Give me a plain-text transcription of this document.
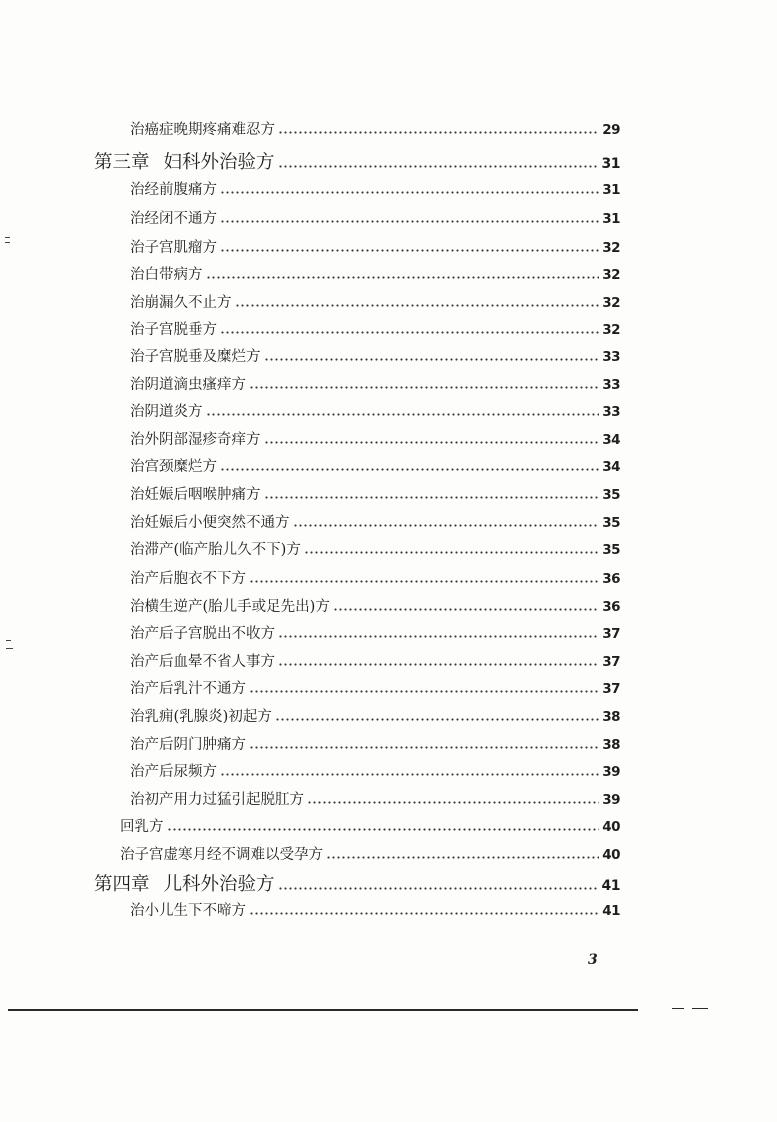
治癌症晚期疼痛难忍方	29
第三章 妇科外治验方	31
治经前腹痛方	31
治经闭不通方	31
治子宫肌瘤方	32
治白带病方	32
治崩漏久不止方	32
治子宫脱垂方	32
治子宫脱垂及糜烂方	33
治阴道滴虫瘙痒方	33
治阴道炎方	33
治外阴部湿疹奇痒方	34
治宫颈糜烂方	34
治妊娠后咽喉肿痛方	35
治妊娠后小便突然不通方	35
治滞产(临产胎儿久不下)方	35
治产后胞衣不下方	36
治横生逆产(胎儿手或足先出)方	36
治产后子宫脱出不收方	37
治产后血晕不省人事方	37
治产后乳汁不通方	37
治乳痈(乳腺炎)初起方	38
治产后阴门肿痛方	38
治产后尿频方	39
治初产用力过猛引起脱肛方	39
回乳方	40
治子宫虚寒月经不调难以受孕方	40
第四章 儿科外治验方	41
治小儿生下不啼方	41
3
